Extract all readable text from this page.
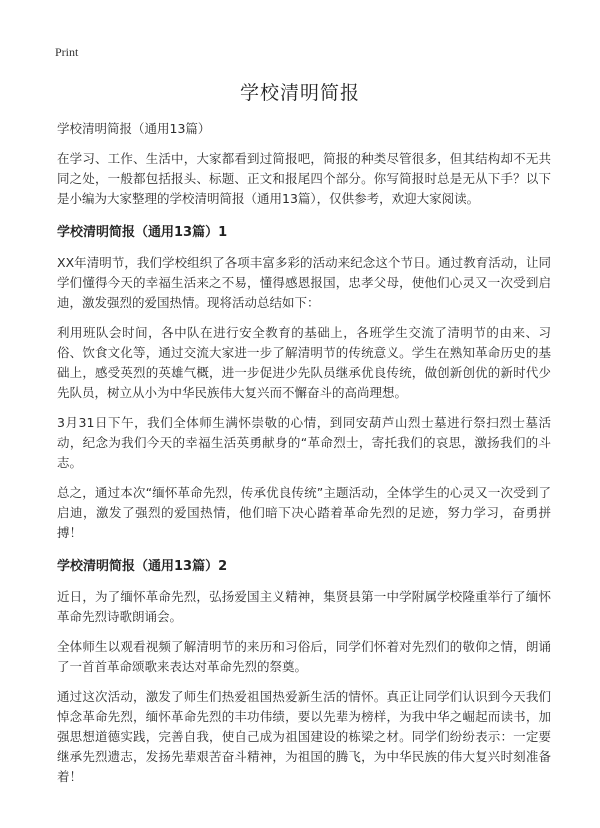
Print
学校清明简报
学校清明简报（通用13篇）

在学习、工作、生活中，大家都看到过简报吧，简报的种类尽管很多，但其结构却不无共同之处，一般都包括报头、标题、正文和报尾四个部分。你写简报时总是无从下手？以下是小编为大家整理的学校清明简报（通用13篇），仅供参考，欢迎大家阅读。

学校清明简报（通用13篇）1

XX年清明节，我们学校组织了各项丰富多彩的活动来纪念这个节日。通过教育活动，让同学们懂得今天的幸福生活来之不易，懂得感恩报国，忠孝父母，使他们心灵又一次受到启迪，激发强烈的爱国热情。现将活动总结如下：

利用班队会时间，各中队在进行安全教育的基础上，各班学生交流了清明节的由来、习俗、饮食文化等，通过交流大家进一步了解清明节的传统意义。学生在熟知革命历史的基础上，感受英烈的英雄气概，进一步促进少先队员继承优良传统，做创新创优的新时代少先队员，树立从小为中华民族伟大复兴而不懈奋斗的高尚理想。

3月31日下午，我们全体师生满怀崇敬的心情，到同安葫芦山烈士墓进行祭扫烈士墓活动，纪念为我们今天的幸福生活英勇献身的“革命烈士，寄托我们的哀思，激扬我们的斗志。

总之，通过本次“缅怀革命先烈，传承优良传统”主题活动，全体学生的心灵又一次受到了启迪，激发了强烈的爱国热情，他们暗下决心踏着革命先烈的足迹，努力学习，奋勇拼搏！

学校清明简报（通用13篇）2

近日，为了缅怀革命先烈，弘扬爱国主义精神，集贤县第一中学附属学校隆重举行了缅怀革命先烈诗歌朗诵会。

全体师生以观看视频了解清明节的来历和习俗后，同学们怀着对先烈们的敬仰之情，朗诵了一首首革命颂歌来表达对革命先烈的祭奠。

通过这次活动，激发了师生们热爱祖国热爱新生活的情怀。真正让同学们认识到今天我们悼念革命先烈，缅怀革命先烈的丰功伟绩，要以先辈为榜样，为我中华之崛起而读书，加强思想道德实践，完善自我，使自己成为祖国建设的栋梁之材。同学们纷纷表示：一定要继承先烈遗志，发扬先辈艰苦奋斗精神，为祖国的腾飞，为中华民族的伟大复兴时刻准备着！
